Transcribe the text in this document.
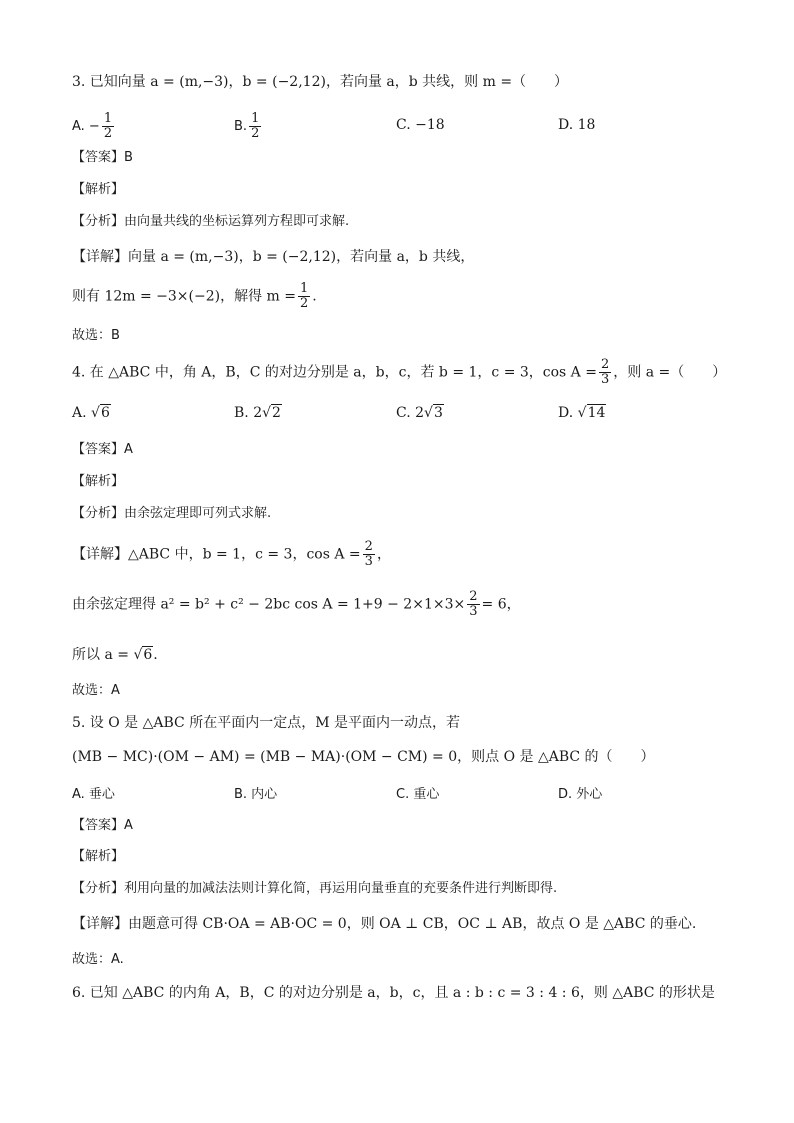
3. 已知向量 a = (m,−3)，b = (−2,12)，若向量 a，b 共线，则 m =（　　）
A. − $\frac{1}{2}$	B. $\frac{1}{2}$	C. −18	D. 18
【答案】B
【解析】
【分析】由向量共线的坐标运算列方程即可求解.
【详解】向量 a = (m,−3)，b = (−2,12)，若向量 a，b 共线，
则有 12m = −3×(−2)，解得 $m = \frac{1}{2}$ .
故选：B
4. 在 △ABC 中，角 A，B，C 的对边分别是 a，b，c，若 b = 1，c = 3，$\cos A = \frac{2}{3}$ ，则 a =（　　）
A. √6	B. 2√2	C. 2√3	D. √14
【答案】A
【解析】
【分析】由余弦定理即可列式求解.
【详解】△ABC 中，b = 1，c = 3，$\cos A = \frac{2}{3}$ ，
由余弦定理得 a² = b² + c² − 2bc $\cos A = 1+9 - 2\times 1\times 3\times \frac{2}{3} = 6$，
所以 a = √6.
故选：A
5. 设 O 是 △ABC 所在平面内一定点，M 是平面内一动点，若
(MB − MC)·(OM − AM) = (MB − MA)·(OM − CM) = 0，则点 O 是 △ABC 的（　　）
A. 垂心	B. 内心	C. 重心	D. 外心
【答案】A
【解析】
【分析】利用向量的加减法法则计算化简，再运用向量垂直的充要条件进行判断即得.
【详解】由题意可得 CB·OA = AB·OC = 0，则 OA ⊥ CB，OC ⊥ AB，故点 O 是 △ABC 的垂心.
故选：A.
6. 已知 △ABC 的内角 A，B，C 的对边分别是 a，b，c，且 a : b : c = 3 : 4 : 6，则 △ABC 的形状是
